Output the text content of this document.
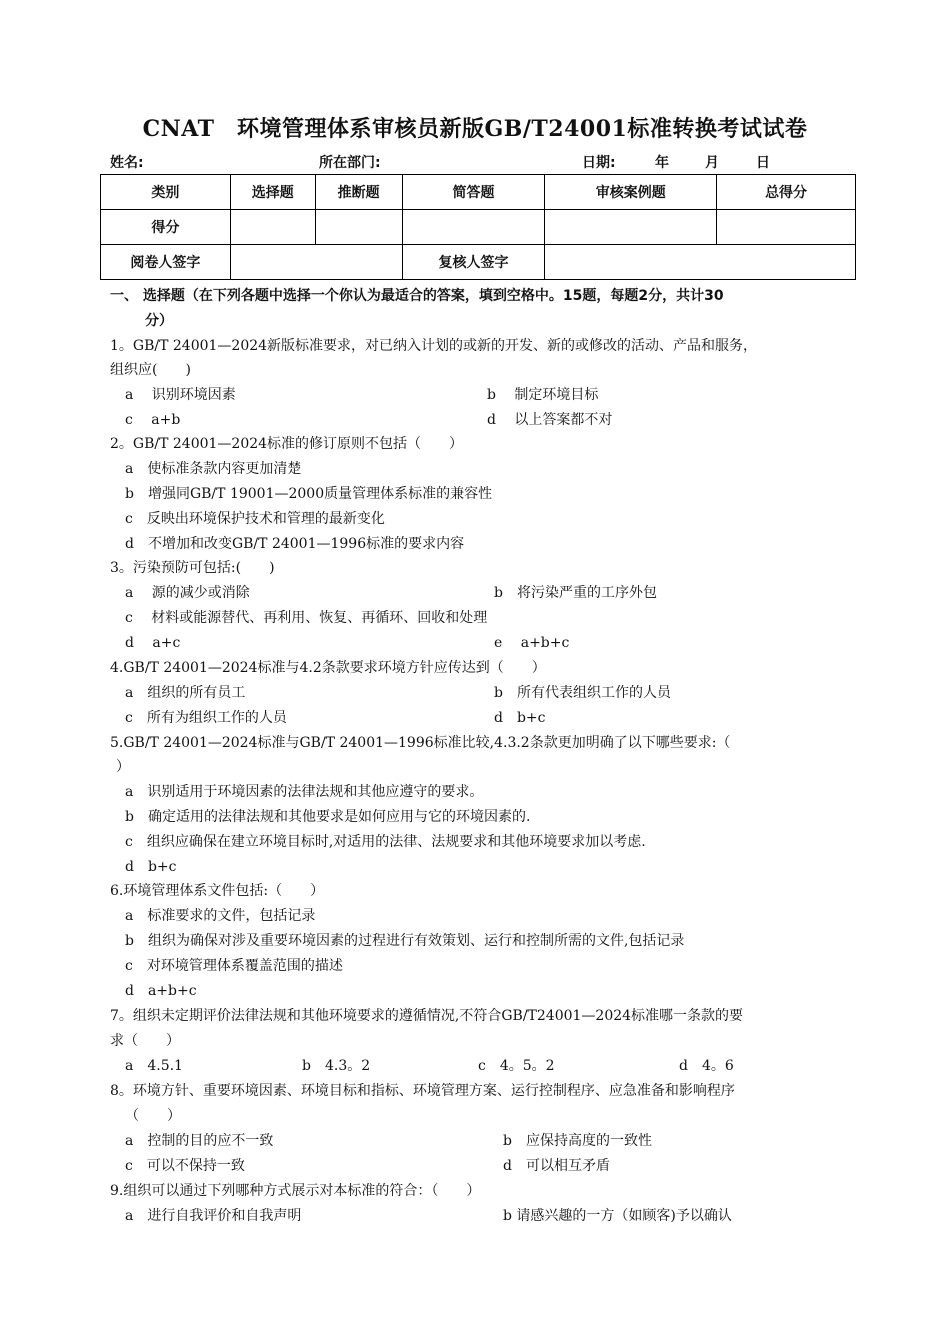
CNAT　环境管理体系审核员新版GB/T24001标准转换考试试卷
姓名:	所在部门:	日期:	年	月	日
类别	选择题	推断题	简答题	审核案例题	总得分
得分					
阅卷人签字			复核人签字		
一、 选择题（在下列各题中选择一个你认为最适合的答案，填到空格中。15题，每题2分，共计30
分）
1。GB/T 24001—2024新版标准要求，对已纳入计划的或新的开发、新的或修改的活动、产品和服务，
组织应(　　)
a　 识别环境因素	b　 制定环境目标
c　 a+b	d　 以上答案都不对
2。GB/T 24001—2024标准的修订原则不包括（　　）
a　使标准条款内容更加清楚
b　增强同GB/T 19001—2000质量管理体系标准的兼容性
c　反映出环境保护技术和管理的最新变化
d　不增加和改变GB/T 24001—1996标准的要求内容
3。污染预防可包括:(　　)
a　 源的减少或消除	b　将污染严重的工序外包
c　 材料或能源替代、再利用、恢复、再循环、回收和处理
d　 a+c	e　 a+b+c
4.GB/T 24001—2024标准与4.2条款要求环境方针应传达到（　　）
a　组织的所有员工	b　所有代表组织工作的人员
c　所有为组织工作的人员	d　b+c
5.GB/T 24001—2024标准与GB/T 24001—1996标准比较,4.3.2条款更加明确了以下哪些要求:（
）
a　识别适用于环境因素的法律法规和其他应遵守的要求。
b　确定适用的法律法规和其他要求是如何应用与它的环境因素的.
c　组织应确保在建立环境目标时,对适用的法律、法规要求和其他环境要求加以考虑.
d　b+c
6.环境管理体系文件包括:（　　）
a　标准要求的文件，包括记录
b　组织为确保对涉及重要环境因素的过程进行有效策划、运行和控制所需的文件,包括记录
c　对环境管理体系覆盖范围的描述
d　a+b+c
7。组织未定期评价法律法规和其他环境要求的遵循情况,不符合GB/T24001—2024标准哪一条款的要
求（　　）
a　4.5.1	b　4.3。2	c　4。5。2	d　4。6
8。环境方针、重要环境因素、环境目标和指标、环境管理方案、运行控制程序、应急准备和影响程序
（　　）
a　控制的目的应不一致	b　应保持高度的一致性
c　可以不保持一致	d　可以相互矛盾
9.组织可以通过下列哪种方式展示对本标准的符合：（　　）
a　进行自我评价和自我声明	b 请感兴趣的一方（如顾客)予以确认
